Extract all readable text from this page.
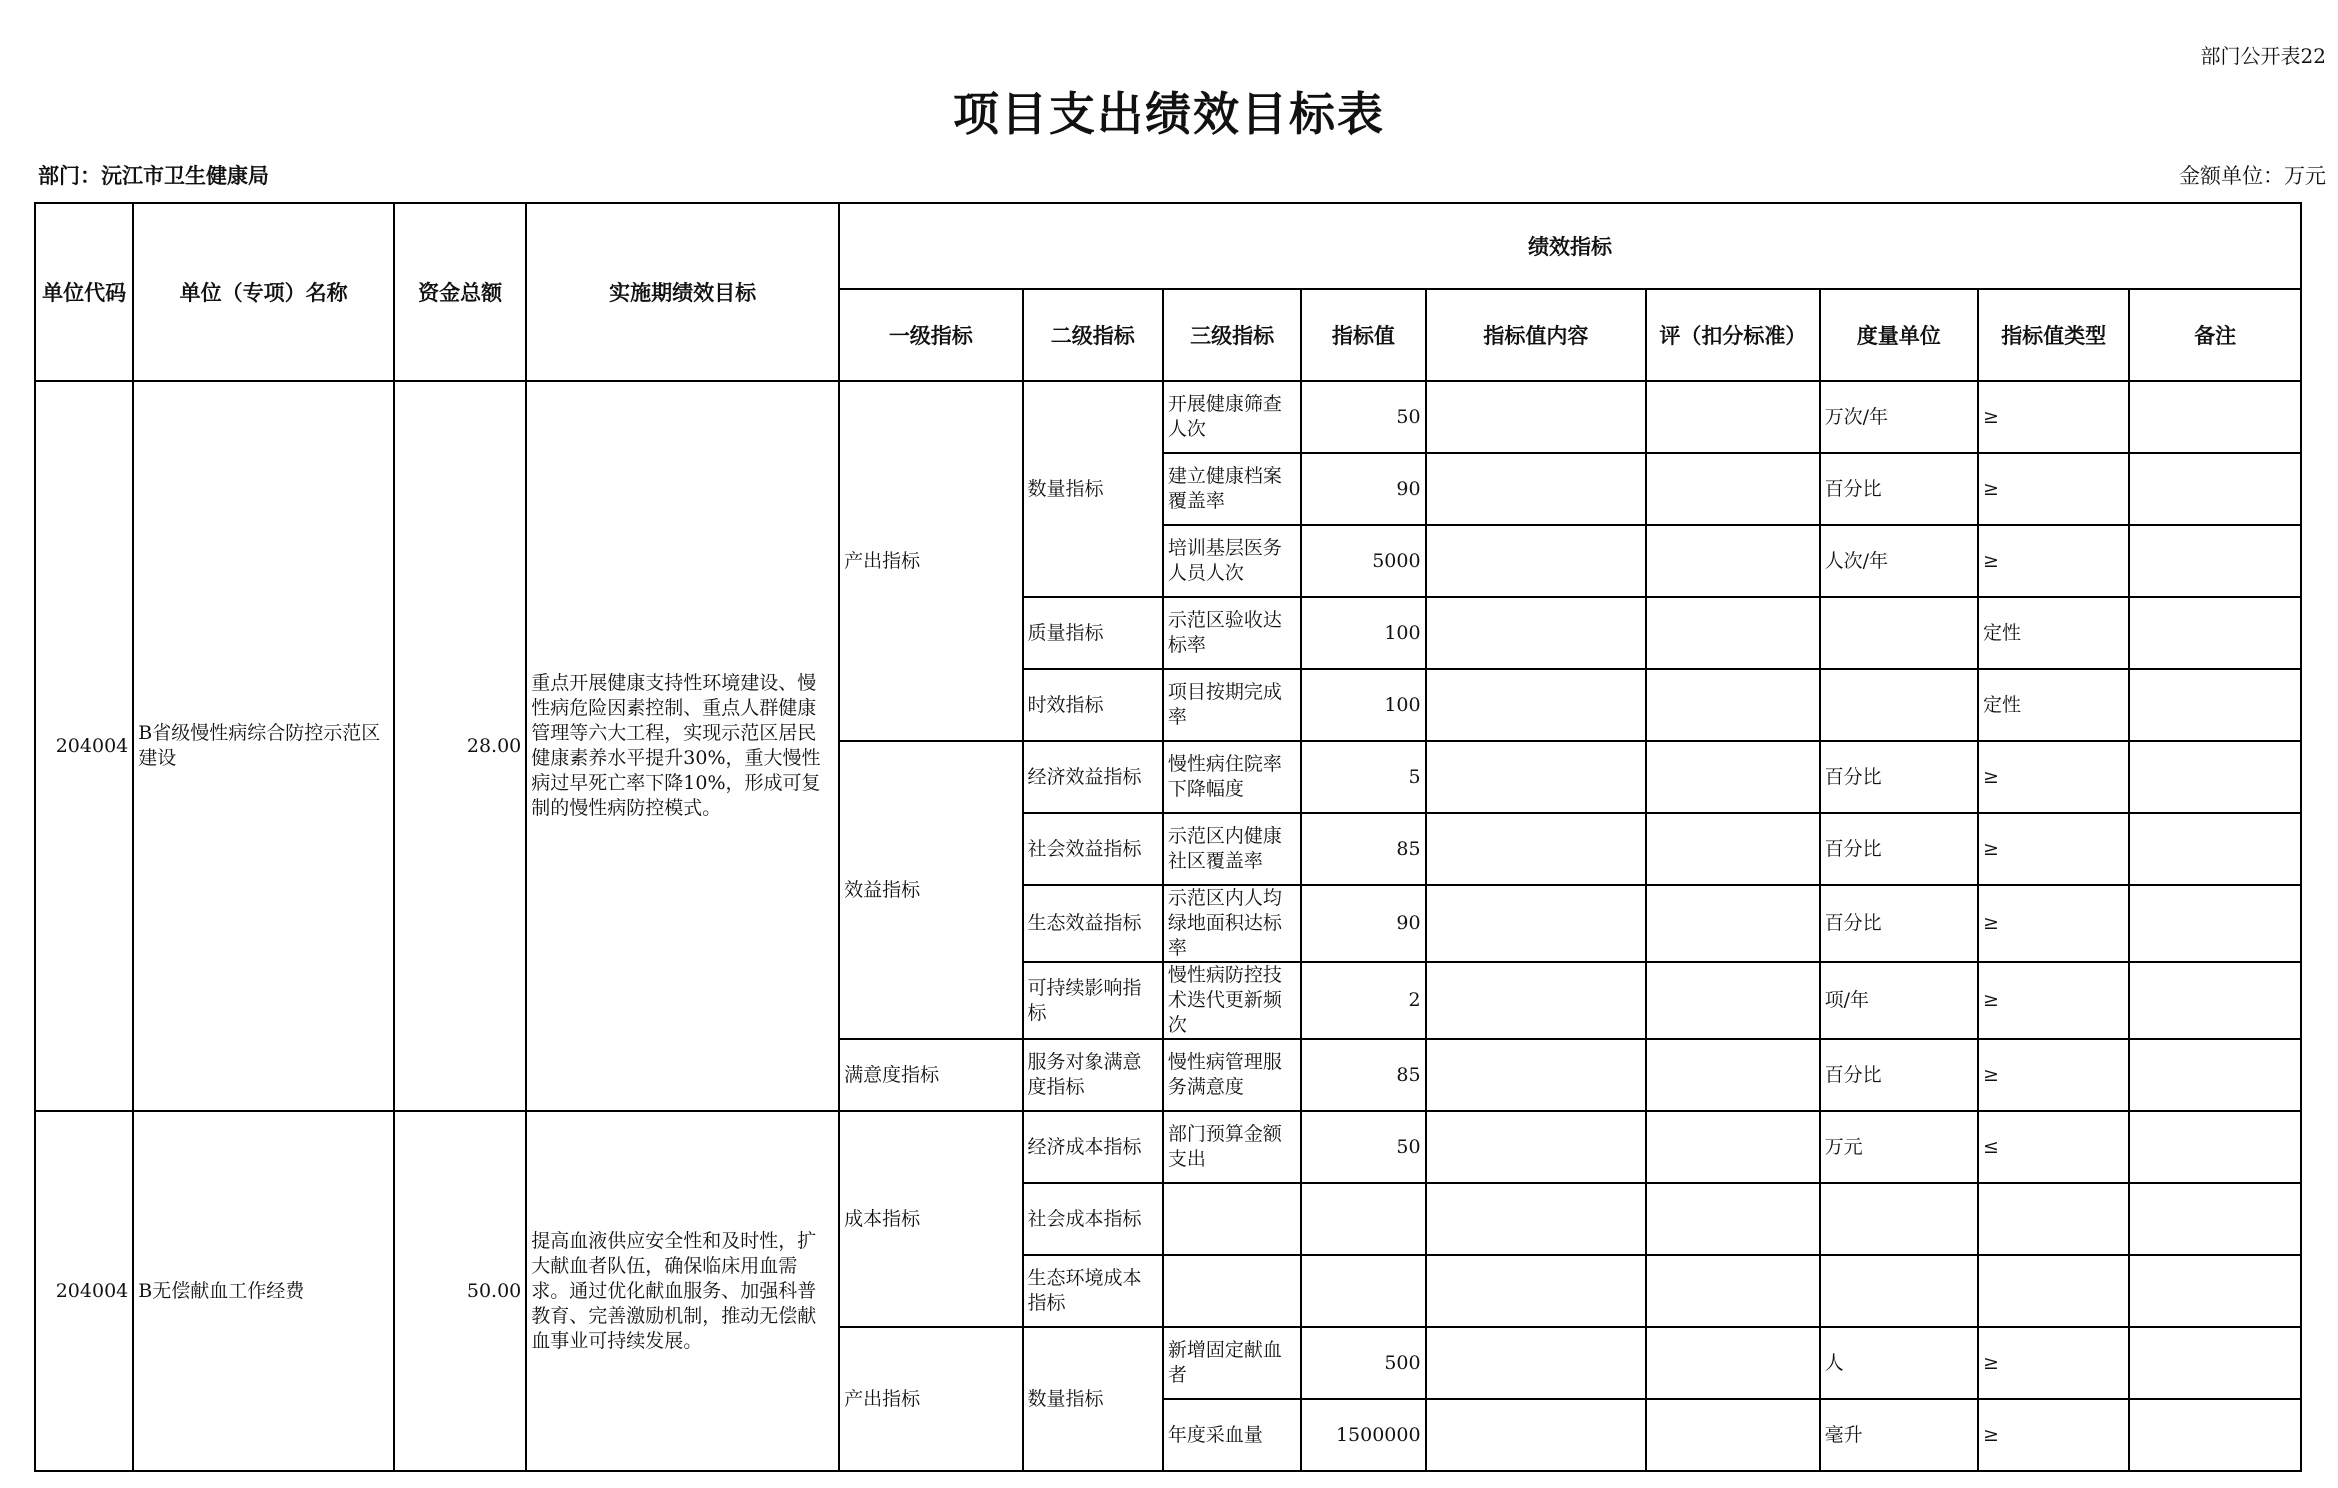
部门公开表22
项目支出绩效目标表
部门：沅江市卫生健康局	金额单位：万元
单位代码	单位（专项）名称	资金总额	实施期绩效目标	绩效指标								
				一级指标	二级指标	三级指标	指标值	指标值内容	评（扣分标准）	度量单位	指标值类型	备注
204004	B省级慢性病综合防控示范区建设	28.00	重点开展健康支持性环境建设、慢性病危险因素控制、重点人群健康管理等六大工程，实现示范区居民健康素养水平提升30%，重大慢性病过早死亡率下降10%，形成可复制的慢性病防控模式。	产出指标	数量指标	开展健康筛查人次	50			万次/年	≥	
						建立健康档案覆盖率	90			百分比	≥	
						培训基层医务人员人次	5000			人次/年	≥	
					质量指标	示范区验收达标率	100				定性	
					时效指标	项目按期完成率	100				定性	
				效益指标	经济效益指标	慢性病住院率下降幅度	5			百分比	≥	
					社会效益指标	示范区内健康社区覆盖率	85			百分比	≥	
					生态效益指标	示范区内人均绿地面积达标率	90			百分比	≥	
					可持续影响指标	慢性病防控技术迭代更新频次	2			项/年	≥	
				满意度指标	服务对象满意度指标	慢性病管理服务满意度	85			百分比	≥	
204004	B无偿献血工作经费	50.00	提高血液供应安全性和及时性，扩大献血者队伍，确保临床用血需求。通过优化献血服务、加强科普教育、完善激励机制，推动无偿献血事业可持续发展。	成本指标	经济成本指标	部门预算金额支出	50			万元	≤	
					社会成本指标							
					生态环境成本指标							
				产出指标	数量指标	新增固定献血者	500			人	≥	
						年度采血量	1500000			毫升	≥	
